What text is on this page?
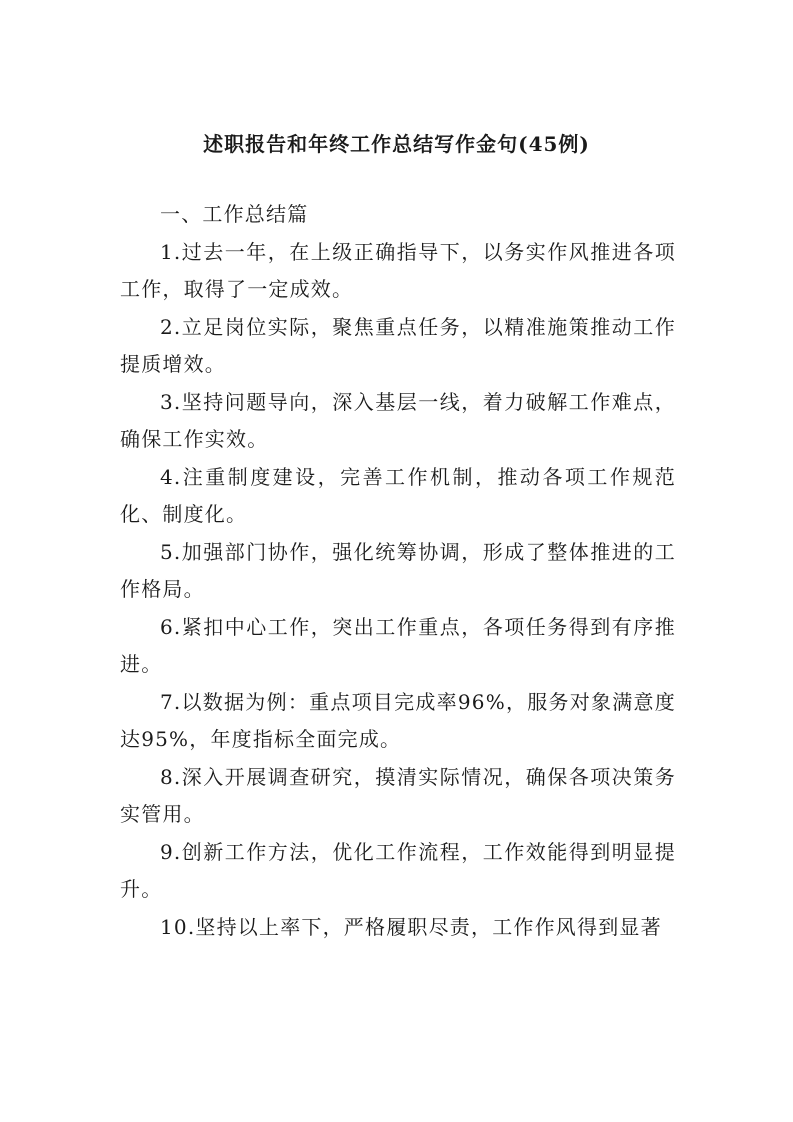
述职报告和年终工作总结写作金句(45例)

一、工作总结篇

1.过去一年，在上级正确指导下，以务实作风推进各项工作，取得了一定成效。

2.立足岗位实际，聚焦重点任务，以精准施策推动工作提质增效。

3.坚持问题导向，深入基层一线，着力破解工作难点，确保工作实效。

4.注重制度建设，完善工作机制，推动各项工作规范化、制度化。

5.加强部门协作，强化统筹协调，形成了整体推进的工作格局。

6.紧扣中心工作，突出工作重点，各项任务得到有序推进。

7.以数据为例：重点项目完成率96%，服务对象满意度达95%，年度指标全面完成。

8.深入开展调查研究，摸清实际情况，确保各项决策务实管用。

9.创新工作方法，优化工作流程，工作效能得到明显提升。

10.坚持以上率下，严格履职尽责，工作作风得到显著
